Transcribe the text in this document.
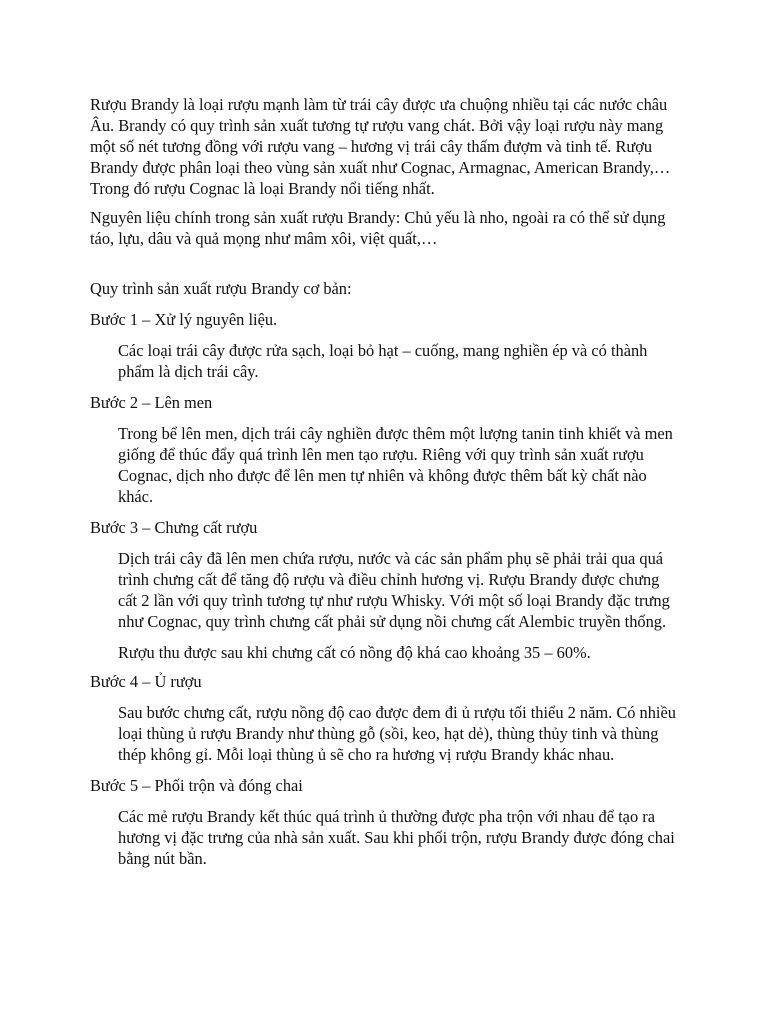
Rượu Brandy là loại rượu mạnh làm từ trái cây được ưa chuộng nhiều tại các nước châu Âu. Brandy có quy trình sản xuất tương tự rượu vang chát. Bởi vậy loại rượu này mang một số nét tương đồng với rượu vang – hương vị trái cây thấm đượm và tinh tế. Rượu Brandy được phân loại theo vùng sản xuất như Cognac, Armagnac, American Brandy,… Trong đó rượu Cognac là loại Brandy nổi tiếng nhất.

Nguyên liệu chính trong sản xuất rượu Brandy: Chủ yếu là nho, ngoài ra có thể sử dụng táo, lựu, dâu và quả mọng như mâm xôi, việt quất,…

Quy trình sản xuất rượu Brandy cơ bản:

Bước 1 – Xử lý nguyên liệu.

Các loại trái cây được rửa sạch, loại bỏ hạt – cuống, mang nghiền ép và có thành phẩm là dịch trái cây.

Bước 2 – Lên men

Trong bể lên men, dịch trái cây nghiền được thêm một lượng tanin tinh khiết và men giống để thúc đẩy quá trình lên men tạo rượu. Riêng với quy trình sản xuất rượu Cognac, dịch nho được để lên men tự nhiên và không được thêm bất kỳ chất nào khác.

Bước 3 – Chưng cất rượu

Dịch trái cây đã lên men chứa rượu, nước và các sản phẩm phụ sẽ phải trải qua quá trình chưng cất để tăng độ rượu và điều chỉnh hương vị. Rượu Brandy được chưng cất 2 lần với quy trình tương tự như rượu Whisky. Với một số loại Brandy đặc trưng như Cognac, quy trình chưng cất phải sử dụng nồi chưng cất Alembic truyền thống.

Rượu thu được sau khi chưng cất có nồng độ khá cao khoảng 35 – 60%.

Bước 4 – Ủ rượu

Sau bước chưng cất, rượu nồng độ cao được đem đi ủ rượu tối thiểu 2 năm. Có nhiều loại thùng ủ rượu Brandy như thùng gỗ (sồi, keo, hạt dẻ), thùng thủy tinh và thùng thép không gỉ. Mỗi loại thùng ủ sẽ cho ra hương vị rượu Brandy khác nhau.

Bước 5 – Phối trộn và đóng chai

Các mẻ rượu Brandy kết thúc quá trình ủ thường được pha trộn với nhau để tạo ra hương vị đặc trưng của nhà sản xuất. Sau khi phối trộn, rượu Brandy được đóng chai bằng nút bần.
